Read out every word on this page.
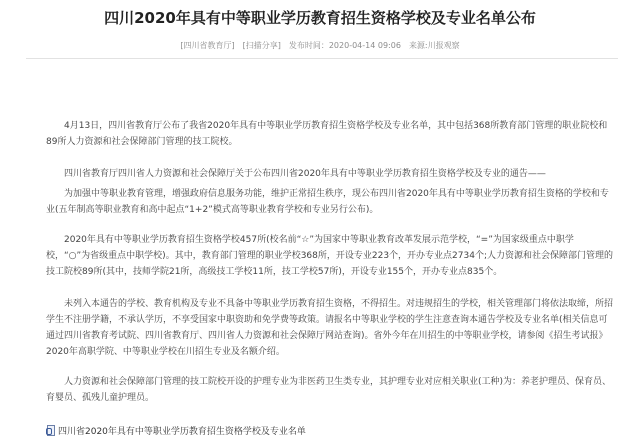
四川2020年具有中等职业学历教育招生资格学校及专业名单公布
[四川省教育厅] [扫描分享] 发布时间：2020-04-14 09:06 来源:川报观察

4月13日，四川省教育厅公布了我省2020年具有中等职业学历教育招生资格学校及专业名单，其中包括368所教育部门管理的职业院校和89所人力资源和社会保障部门管理的技工院校。

四川省教育厅四川省人力资源和社会保障厅关于公布四川省2020年具有中等职业学历教育招生资格学校及专业的通告——

为加强中等职业教育管理，增强政府信息服务功能，维护正常招生秩序，现公布四川省2020年具有中等职业学历教育招生资格的学校和专业(五年制高等职业教育和高中起点“1+2”模式高等职业教育学校和专业另行公布)。

2020年具有中等职业学历教育招生资格学校457所(校名前“☆”为国家中等职业教育改革发展示范学校，“=”为国家级重点中职学校，“○”为省级重点中职学校)。其中，教育部门管理的职业学校368所，开设专业223个，开办专业点2734个;人力资源和社会保障部门管理的技工院校89所(其中，技师学院21所，高级技工学校11所，技工学校57所)，开设专业155个，开办专业点835个。

未列入本通告的学校、教育机构及专业不具备中等职业学历教育招生资格，不得招生。对违规招生的学校，相关管理部门将依法取缔，所招学生不注册学籍，不承认学历，不享受国家中职资助和免学费等政策。请报名中等职业学校的学生注意查询本通告学校及专业名单(相关信息可通过四川省教育考试院、四川省教育厅、四川省人力资源和社会保障厅网站查询)。省外今年在川招生的中等职业学校，请参阅《招生考试报》2020年高职学院、中等职业学校在川招生专业及名额介绍。

人力资源和社会保障部门管理的技工院校开设的护理专业为非医药卫生类专业，其护理专业对应相关职业(工种)为：养老护理员、保育员、育婴员、孤残儿童护理员。

四川省2020年具有中等职业学历教育招生资格学校及专业名单
